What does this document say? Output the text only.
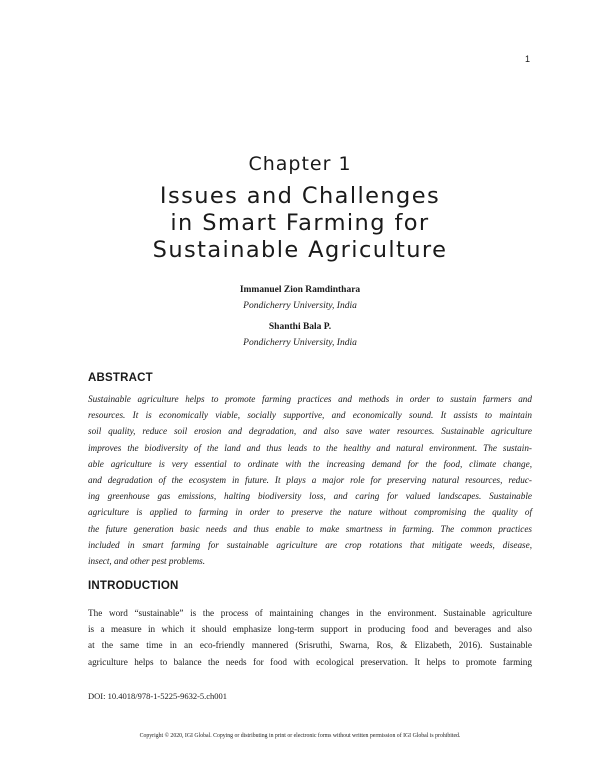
1
Chapter 1
Issues and Challenges
in Smart Farming for
Sustainable Agriculture
Immanuel Zion Ramdinthara
Pondicherry University, India
Shanthi Bala P.
Pondicherry University, India
ABSTRACT
Sustainable agriculture helps to promote farming practices and methods in order to sustain farmers and
resources. It is economically viable, socially supportive, and economically sound. It assists to maintain
soil quality, reduce soil erosion and degradation, and also save water resources. Sustainable agriculture
improves the biodiversity of the land and thus leads to the healthy and natural environment. The sustain-
able agriculture is very essential to ordinate with the increasing demand for the food, climate change,
and degradation of the ecosystem in future. It plays a major role for preserving natural resources, reduc-
ing greenhouse gas emissions, halting biodiversity loss, and caring for valued landscapes. Sustainable
agriculture is applied to farming in order to preserve the nature without compromising the quality of
the future generation basic needs and thus enable to make smartness in farming. The common practices
included in smart farming for sustainable agriculture are crop rotations that mitigate weeds, disease,
insect, and other pest problems.
INTRODUCTION
The word “sustainable” is the process of maintaining changes in the environment. Sustainable agriculture
is a measure in which it should emphasize long-term support in producing food and beverages and also
at the same time in an eco-friendly mannered (Srisruthi, Swarna, Ros, & Elizabeth, 2016). Sustainable
agriculture helps to balance the needs for food with ecological preservation. It helps to promote farming
DOI: 10.4018/978-1-5225-9632-5.ch001
Copyright © 2020, IGI Global. Copying or distributing in print or electronic forms without written permission of IGI Global is prohibited.
